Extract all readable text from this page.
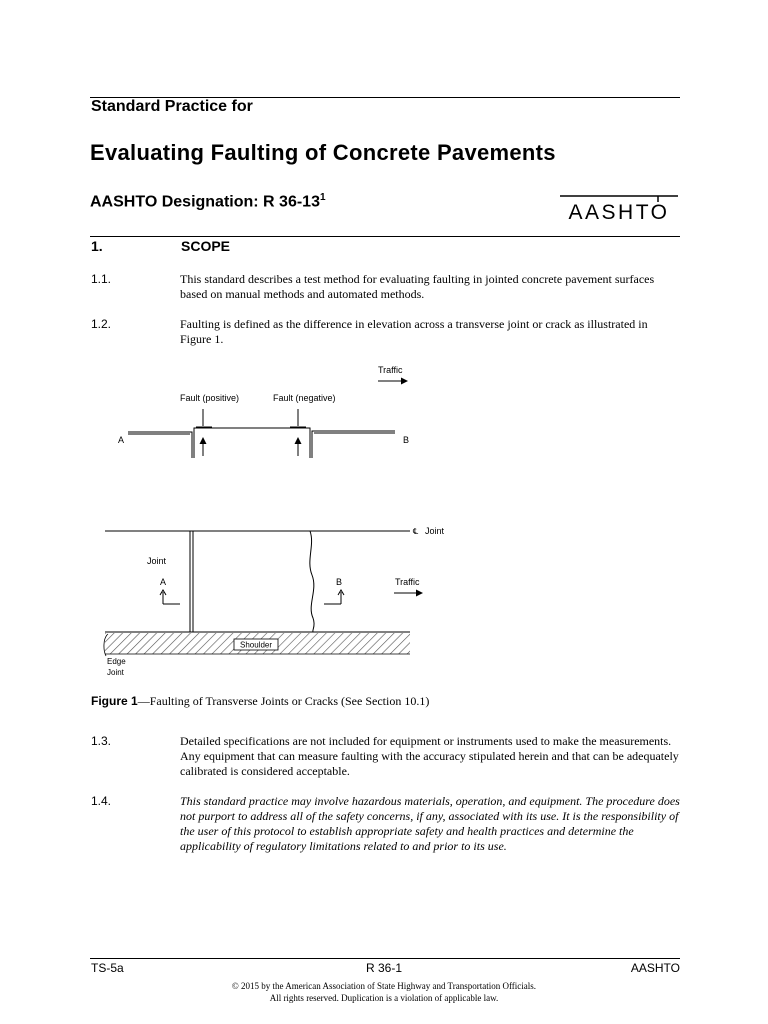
Standard Practice for
Evaluating Faulting of Concrete Pavements
AASHTO Designation: R $36-13^1$
AASHTO
1.	SCOPE
1.1.	This standard describes a test method for evaluating faulting in jointed concrete pavement surfaces based on manual methods and automated methods.
1.2.	Faulting is defined as the difference in elevation across a transverse joint or crack as illustrated in Figure 1.
Traffic
Fault (positive)	Fault (negative)
A	B
℄ Joint
Joint
A	B	Traffic
Shoulder
Edge
Joint
Figure 1—Faulting of Transverse Joints or Cracks (See Section 10.1)
1.3.	Detailed specifications are not included for equipment or instruments used to make the measurements. Any equipment that can measure faulting with the accuracy stipulated herein and that can be adequately calibrated is considered acceptable.
1.4.	This standard practice may involve hazardous materials, operation, and equipment. The procedure does not purport to address all of the safety concerns, if any, associated with its use. It is the responsibility of the user of this protocol to establish appropriate safety and health practices and determine the applicability of regulatory limitations related to and prior to its use.
TS-5a	R 36-1	AASHTO
© 2015 by the American Association of State Highway and Transportation Officials.
All rights reserved. Duplication is a violation of applicable law.
